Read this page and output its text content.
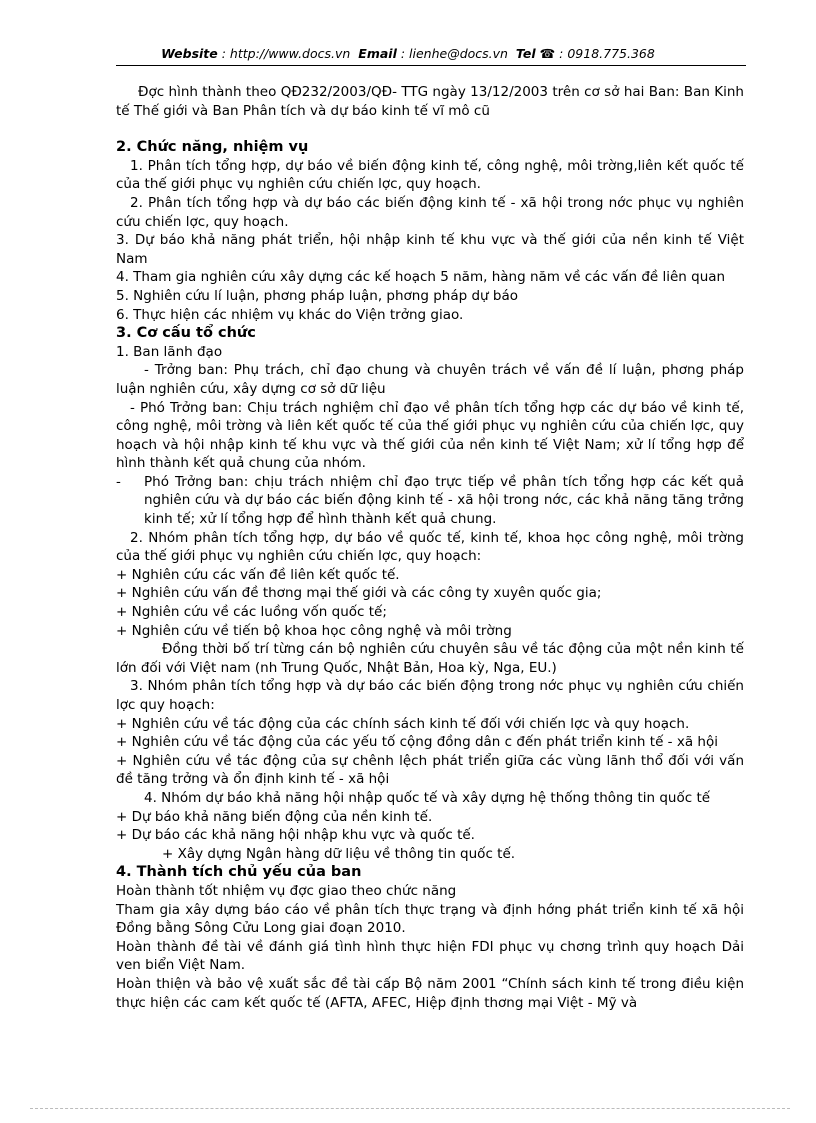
Website : http://www.docs.vn Email : lienhe@docs.vn Tel ☎ : 0918.775.368

Đợc hình thành theo QĐ232/2003/QĐ- TTG ngày 13/12/2003 trên cơ sở hai Ban: Ban Kinh tế Thế giới và Ban Phân tích và dự báo kinh tế vĩ mô cũ

2. Chức năng, nhiệm vụ

1. Phân tích tổng hợp, dự báo về biến động kinh tế, công nghệ, môi trờng,liên kết quốc tế của thế giới phục vụ nghiên cứu chiến lợc, quy hoạch.

2. Phân tích tổng hợp và dự báo các biến động kinh tế - xã hội trong nớc phục vụ nghiên cứu chiến lợc, quy hoạch.

3. Dự báo khả năng phát triển, hội nhập kinh tế khu vực và thế giới của nền kinh tế Việt Nam

4. Tham gia nghiên cứu xây dựng các kế hoạch 5 năm, hàng năm về các vấn đề liên quan

5. Nghiên cứu lí luận, phơng pháp luận, phơng pháp dự báo

6. Thực hiện các nhiệm vụ khác do Viện trởng giao.

3. Cơ cấu tổ chức

1. Ban lãnh đạo

- Trởng ban: Phụ trách, chỉ đạo chung và chuyên trách về vấn đề lí luận, phơng pháp luận nghiên cứu, xây dựng cơ sở dữ liệu

- Phó Trởng ban: Chịu trách nghiệm chỉ đạo về phân tích tổng hợp các dự báo về kinh tế, công nghệ, môi trờng và liên kết quốc tế của thế giới phục vụ nghiên cứu của chiến lợc, quy hoạch và hội nhập kinh tế khu vực và thế giới của nền kinh tế Việt Nam; xử lí tổng hợp để hình thành kết quả chung của nhóm.

-	Phó Trởng ban: chịu trách nhiệm chỉ đạo trực tiếp về phân tích tổng hợp các kết quả nghiên cứu và dự báo các biến động kinh tế - xã hội trong nớc, các khả năng tăng trởng kinh tế; xử lí tổng hợp để hình thành kết quả chung.

2. Nhóm phân tích tổng hợp, dự báo về quốc tế, kinh tế, khoa học công nghệ, môi trờng của thế giới phục vụ nghiên cứu chiến lợc, quy hoạch:

+ Nghiên cứu các vấn đề liên kết quốc tế.

+ Nghiên cứu vấn đề thơng mại thế giới và các công ty xuyên quốc gia;

+ Nghiên cứu về các luồng vốn quốc tế;

+ Nghiên cứu về tiến bộ khoa học công nghệ và môi trờng

Đồng thời bố trí từng cán bộ nghiên cứu chuyên sâu về tác động của một nền kinh tế lớn đối với Việt nam (nh Trung Quốc, Nhật Bản, Hoa kỳ, Nga, EU.)

3. Nhóm phân tích tổng hợp và dự báo các biến động trong nớc phục vụ nghiên cứu chiến lợc quy hoạch:

+ Nghiên cứu về tác động của các chính sách kinh tế đối với chiến lợc và quy hoạch.

+ Nghiên cứu về tác động của các yếu tố cộng đồng dân c đến phát triển kinh tế - xã hội

+ Nghiên cứu về tác động của sự chênh lệch phát triển giữa các vùng lãnh thổ đối với vấn đề tăng trởng và ổn định kinh tế - xã hội

4. Nhóm dự báo khả năng hội nhập quốc tế và xây dựng hệ thống thông tin quốc tế

+ Dự báo khả năng biến động của nền kinh tế.

+ Dự báo các khả năng hội nhập khu vực và quốc tế.

+ Xây dựng Ngân hàng dữ liệu về thông tin quốc tế.

4. Thành tích chủ yếu của ban

Hoàn thành tốt nhiệm vụ đợc giao theo chức năng

Tham gia xây dựng báo cáo về phân tích thực trạng và định hớng phát triển kinh tế xã hội Đồng bằng Sông Cửu Long giai đoạn 2010.

Hoàn thành đề tài về đánh giá tình hình thực hiện FDI phục vụ chơng trình quy hoạch Dải ven biển Việt Nam.

Hoàn thiện và bảo vệ xuất sắc đề tài cấp Bộ năm 2001 “Chính sách kinh tế trong điều kiện thực hiện các cam kết quốc tế (AFTA, AFEC, Hiệp định thơng mại Việt - Mỹ và
